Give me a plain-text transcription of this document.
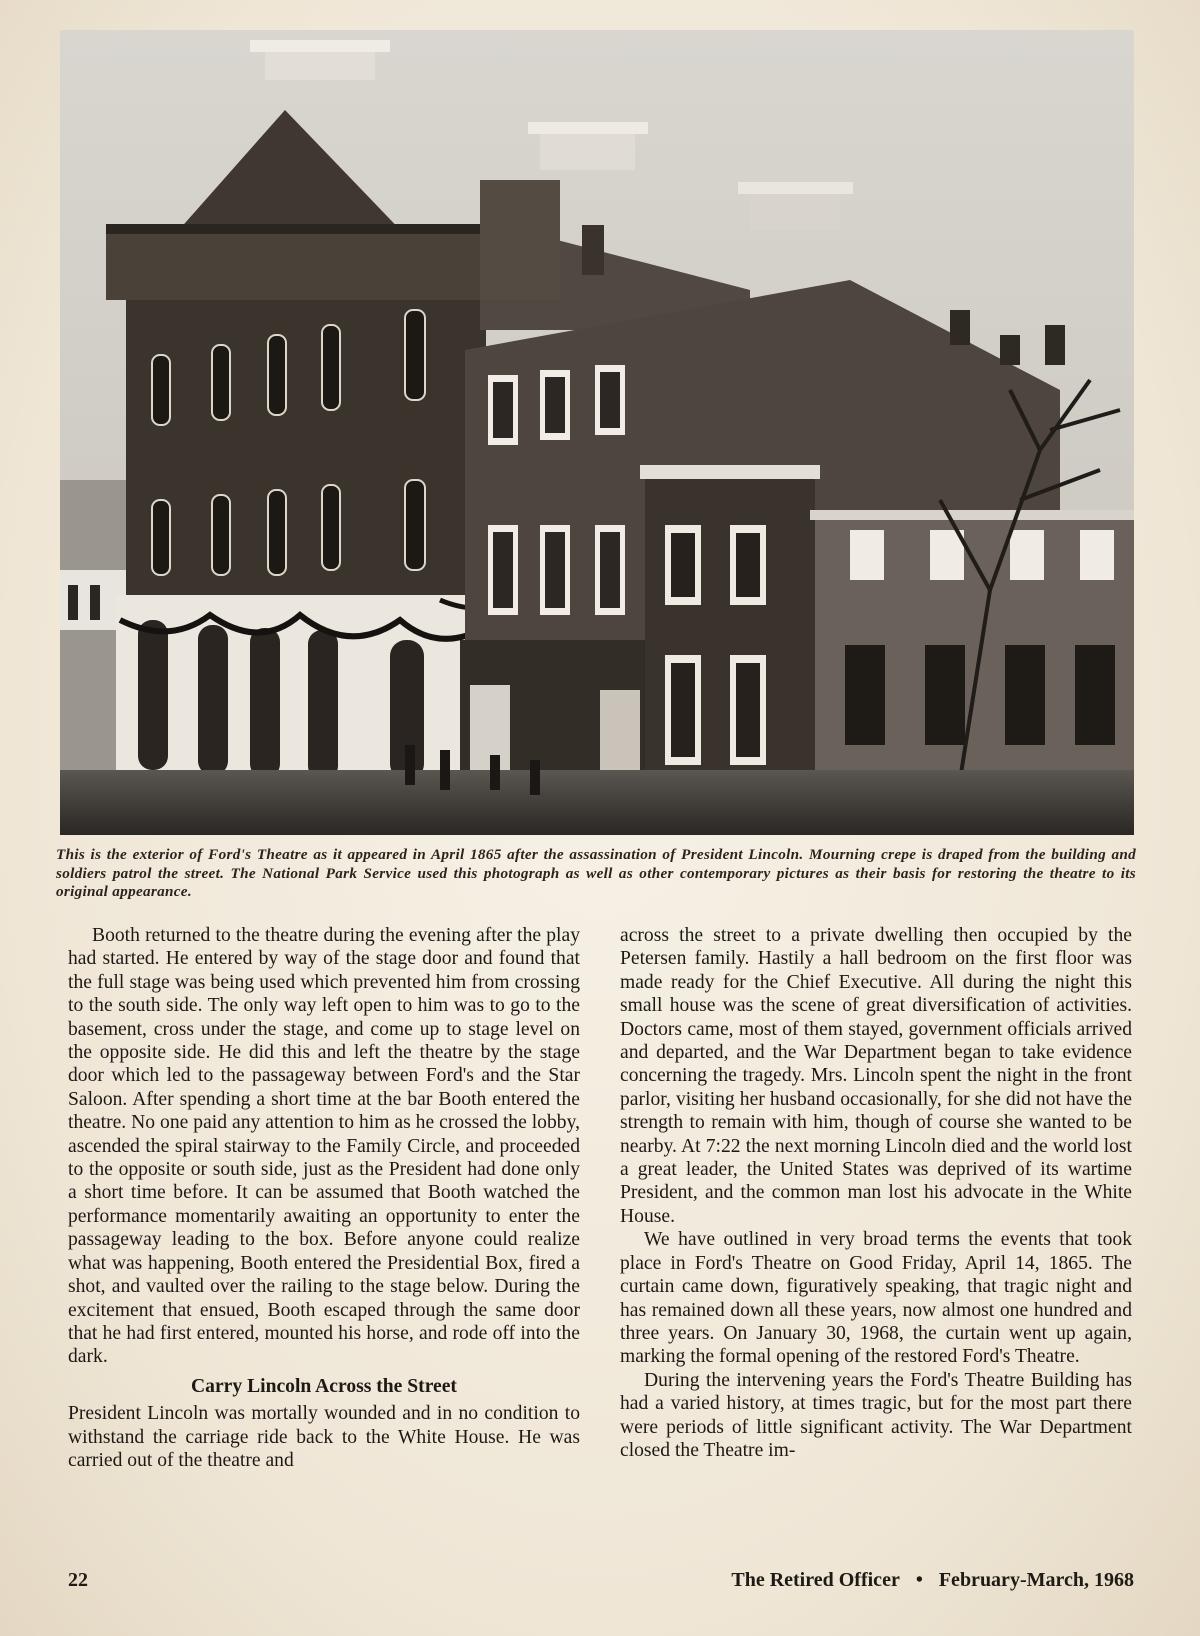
This is the exterior of Ford's Theatre as it appeared in April 1865 after the assassination of President Lincoln. Mourning crepe is draped from the building and soldiers patrol the street. The National Park Service used this photograph as well as other contemporary pictures as their basis for restoring the theatre to its original appearance.

Booth returned to the theatre during the evening after the play had started. He entered by way of the stage door and found that the full stage was being used which prevented him from crossing to the south side. The only way left open to him was to go to the basement, cross under the stage, and come up to stage level on the opposite side. He did this and left the theatre by the stage door which led to the passageway between Ford's and the Star Saloon. After spending a short time at the bar Booth entered the theatre. No one paid any attention to him as he crossed the lobby, ascended the spiral stairway to the Family Circle, and proceeded to the opposite or south side, just as the President had done only a short time before. It can be assumed that Booth watched the performance momentarily awaiting an opportunity to enter the passageway leading to the box. Before anyone could realize what was happening, Booth entered the Presidential Box, fired a shot, and vaulted over the railing to the stage below. During the excitement that ensued, Booth escaped through the same door that he had first entered, mounted his horse, and rode off into the dark.

Carry Lincoln Across the Street

President Lincoln was mortally wounded and in no condition to withstand the carriage ride back to the White House. He was carried out of the theatre and

across the street to a private dwelling then occupied by the Petersen family. Hastily a hall bedroom on the first floor was made ready for the Chief Executive. All during the night this small house was the scene of great diversification of activities. Doctors came, most of them stayed, government officials arrived and departed, and the War Department began to take evidence concerning the tragedy. Mrs. Lincoln spent the night in the front parlor, visiting her husband occasionally, for she did not have the strength to remain with him, though of course she wanted to be nearby. At 7:22 the next morning Lincoln died and the world lost a great leader, the United States was deprived of its wartime President, and the common man lost his advocate in the White House.

We have outlined in very broad terms the events that took place in Ford's Theatre on Good Friday, April 14, 1865. The curtain came down, figuratively speaking, that tragic night and has remained down all these years, now almost one hundred and three years. On January 30, 1968, the curtain went up again, marking the formal opening of the restored Ford's Theatre.

During the intervening years the Ford's Theatre Building has had a varied history, at times tragic, but for the most part there were periods of little significant activity. The War Department closed the Theatre im-

22	The Retired Officer • February-March, 1968
